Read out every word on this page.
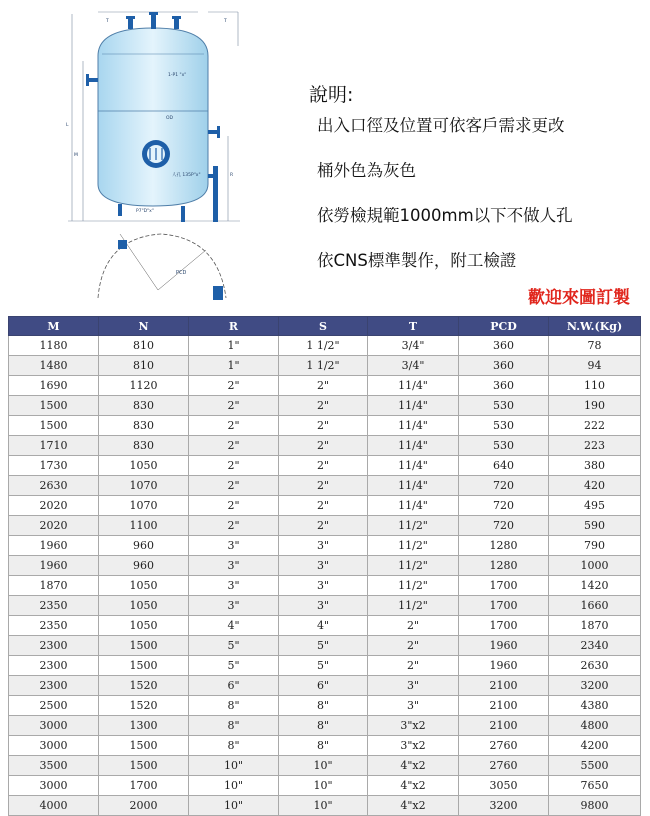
1-P1 "x"
OD
人孔 135P"x"
P7"D"x"
M
L
T	T
R
PCD
說明:
出入口徑及位置可依客戶需求更改
桶外色為灰色
依勞檢規範1000mm以下不做人孔
依CNS標準製作，附工檢證
歡迎來圖訂製
M	N	R	S	T	PCD	N.W.(Kg)
1180	810	1"	1 1/2"	3/4"	360	78
1480	810	1"	1 1/2"	3/4"	360	94
1690	1120	2"	2"	11/4"	360	110
1500	830	2"	2"	11/4"	530	190
1500	830	2"	2"	11/4"	530	222
1710	830	2"	2"	11/4"	530	223
1730	1050	2"	2"	11/4"	640	380
2630	1070	2"	2"	11/4"	720	420
2020	1070	2"	2"	11/4"	720	495
2020	1100	2"	2"	11/2"	720	590
1960	960	3"	3"	11/2"	1280	790
1960	960	3"	3"	11/2"	1280	1000
1870	1050	3"	3"	11/2"	1700	1420
2350	1050	3"	3"	11/2"	1700	1660
2350	1050	4"	4"	2"	1700	1870
2300	1500	5"	5"	2"	1960	2340
2300	1500	5"	5"	2"	1960	2630
2300	1520	6"	6"	3"	2100	3200
2500	1520	8"	8"	3"	2100	4380
3000	1300	8"	8"	3"x2	2100	4800
3000	1500	8"	8"	3"x2	2760	4200
3500	1500	10"	10"	4"x2	2760	5500
3000	1700	10"	10"	4"x2	3050	7650
4000	2000	10"	10"	4"x2	3200	9800
